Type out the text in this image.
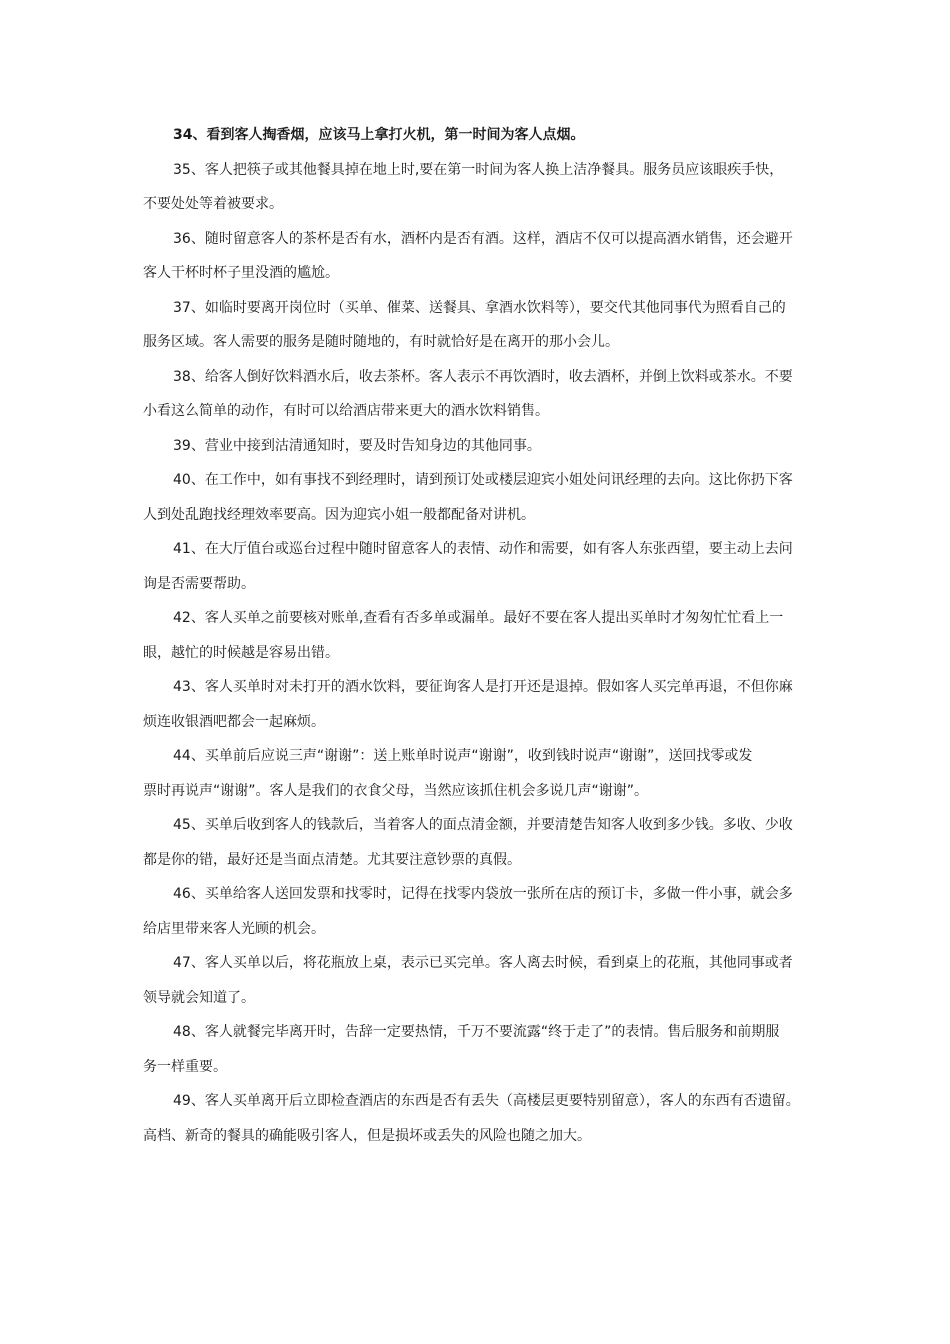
34、看到客人掏香烟，应该马上拿打火机，第一时间为客人点烟。
35、客人把筷子或其他餐具掉在地上时,要在第一时间为客人换上洁净餐具。服务员应该眼疾手快，
不要处处等着被要求。
36、随时留意客人的茶杯是否有水，酒杯内是否有酒。这样，酒店不仅可以提高酒水销售，还会避开
客人干杯时杯子里没酒的尴尬。
37、如临时要离开岗位时（买单、催菜、送餐具、拿酒水饮料等），要交代其他同事代为照看自己的
服务区域。客人需要的服务是随时随地的，有时就恰好是在离开的那小会儿。
38、给客人倒好饮料酒水后，收去茶杯。客人表示不再饮酒时，收去酒杯，并倒上饮料或茶水。不要
小看这么简单的动作，有时可以给酒店带来更大的酒水饮料销售。
39、营业中接到沽清通知时，要及时告知身边的其他同事。
40、在工作中，如有事找不到经理时，请到预订处或楼层迎宾小姐处问讯经理的去向。这比你扔下客
人到处乱跑找经理效率要高。因为迎宾小姐一般都配备对讲机。
41、在大厅值台或巡台过程中随时留意客人的表情、动作和需要，如有客人东张西望，要主动上去问
询是否需要帮助。
42、客人买单之前要核对账单,查看有否多单或漏单。最好不要在客人提出买单时才匆匆忙忙看上一
眼，越忙的时候越是容易出错。
43、客人买单时对未打开的酒水饮料，要征询客人是打开还是退掉。假如客人买完单再退，不但你麻
烦连收银酒吧都会一起麻烦。
44、买单前后应说三声“谢谢”：送上账单时说声“谢谢”，收到钱时说声“谢谢”，送回找零或发
票时再说声“谢谢”。客人是我们的衣食父母，当然应该抓住机会多说几声“谢谢”。
45、买单后收到客人的钱款后，当着客人的面点清金额，并要清楚告知客人收到多少钱。多收、少收
都是你的错，最好还是当面点清楚。尤其要注意钞票的真假。
46、买单给客人送回发票和找零时，记得在找零内袋放一张所在店的预订卡，多做一件小事，就会多
给店里带来客人光顾的机会。
47、客人买单以后，将花瓶放上桌，表示已买完单。客人离去时候，看到桌上的花瓶，其他同事或者
领导就会知道了。
48、客人就餐完毕离开时，告辞一定要热情，千万不要流露“终于走了”的表情。售后服务和前期服
务一样重要。
49、客人买单离开后立即检查酒店的东西是否有丢失（高楼层更要特别留意），客人的东西有否遗留。
高档、新奇的餐具的确能吸引客人，但是损坏或丢失的风险也随之加大。
